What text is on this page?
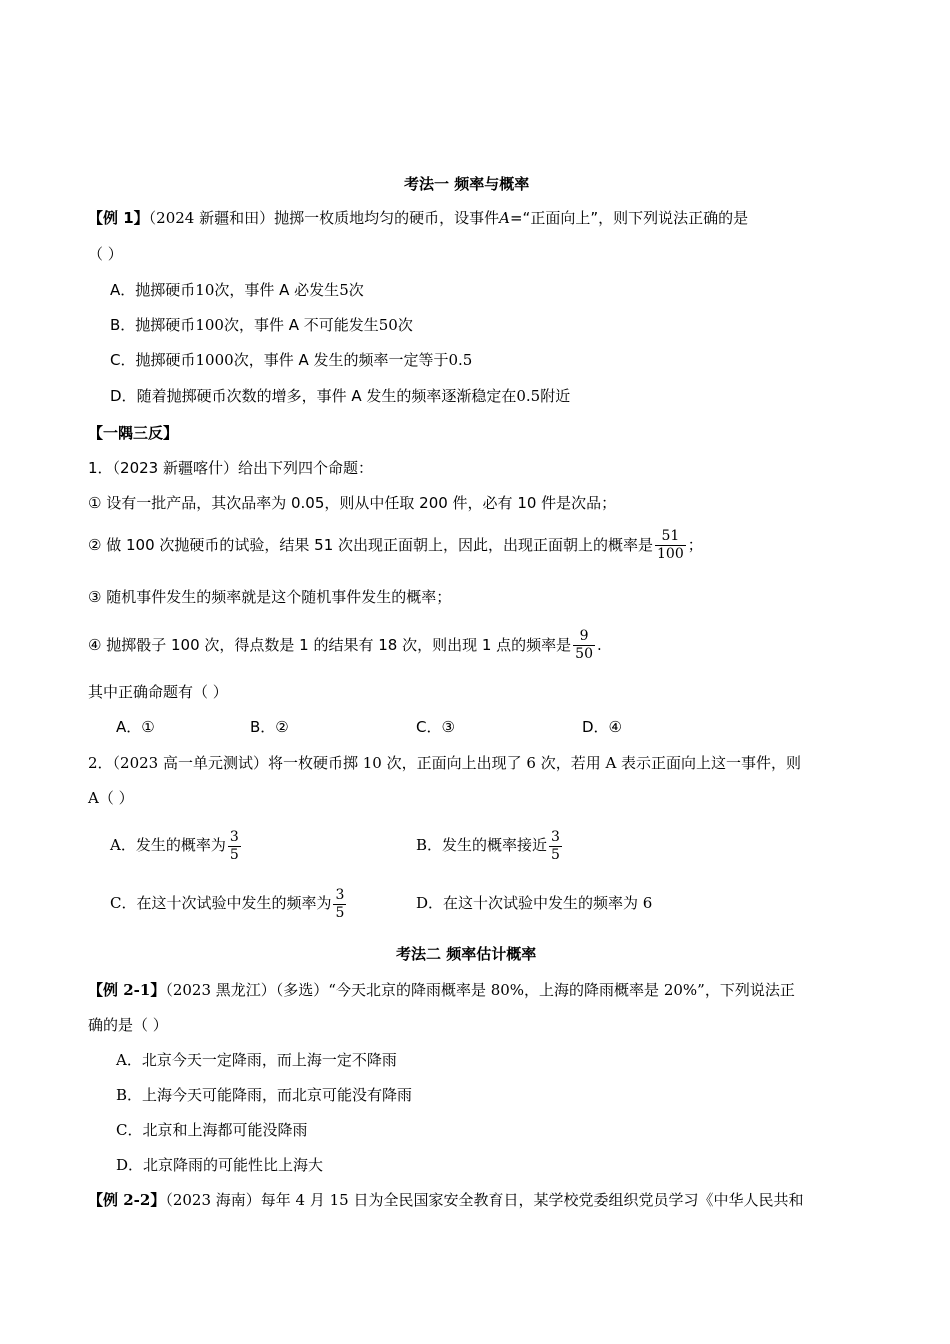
考法一 频率与概率
【例 1】（2024 新疆和田）抛掷一枚质地均匀的硬币，设事件A=“正面向上”，则下列说法正确的是
（ ）
A．抛掷硬币10次，事件 A 必发生5次
B．抛掷硬币100次，事件 A 不可能发生50次
C．抛掷硬币1000次，事件 A 发生的频率一定等于0.5
D．随着抛掷硬币次数的增多，事件 A 发生的频率逐渐稳定在0.5附近
【一隅三反】
1．（2023 新疆喀什）给出下列四个命题：
① 设有一批产品，其次品率为 0.05，则从中任取 200 件，必有 10 件是次品；
② 做 100 次抛硬币的试验，结果 51 次出现正面朝上，因此，出现正面朝上的概率是 $\frac{51}{100}$ ；
③ 随机事件发生的频率就是这个随机事件发生的概率；
④ 抛掷骰子 100 次，得点数是 1 的结果有 18 次，则出现 1 点的频率是 $\frac{9}{50}$ .
其中正确命题有（ ）
A．①	B．②	C．③	D．④
2．（2023 高一单元测试）将一枚硬币掷 10 次，正面向上出现了 6 次，若用 A 表示正面向上这一事件，则
A（ ）
A．发生的概率为 $\frac{3}{5}$	B．发生的概率接近 $\frac{3}{5}$
C．在这十次试验中发生的频率为 $\frac{3}{5}$	D．在这十次试验中发生的频率为 6
考法二 频率估计概率
【例 2-1】（2023 黑龙江）（多选）“今天北京的降雨概率是 80%，上海的降雨概率是 20%”，下列说法正
确的是（ ）
A．北京今天一定降雨，而上海一定不降雨
B．上海今天可能降雨，而北京可能没有降雨
C．北京和上海都可能没降雨
D．北京降雨的可能性比上海大
【例 2-2】（2023 海南）每年 4 月 15 日为全民国家安全教育日，某学校党委组织党员学习《中华人民共和
